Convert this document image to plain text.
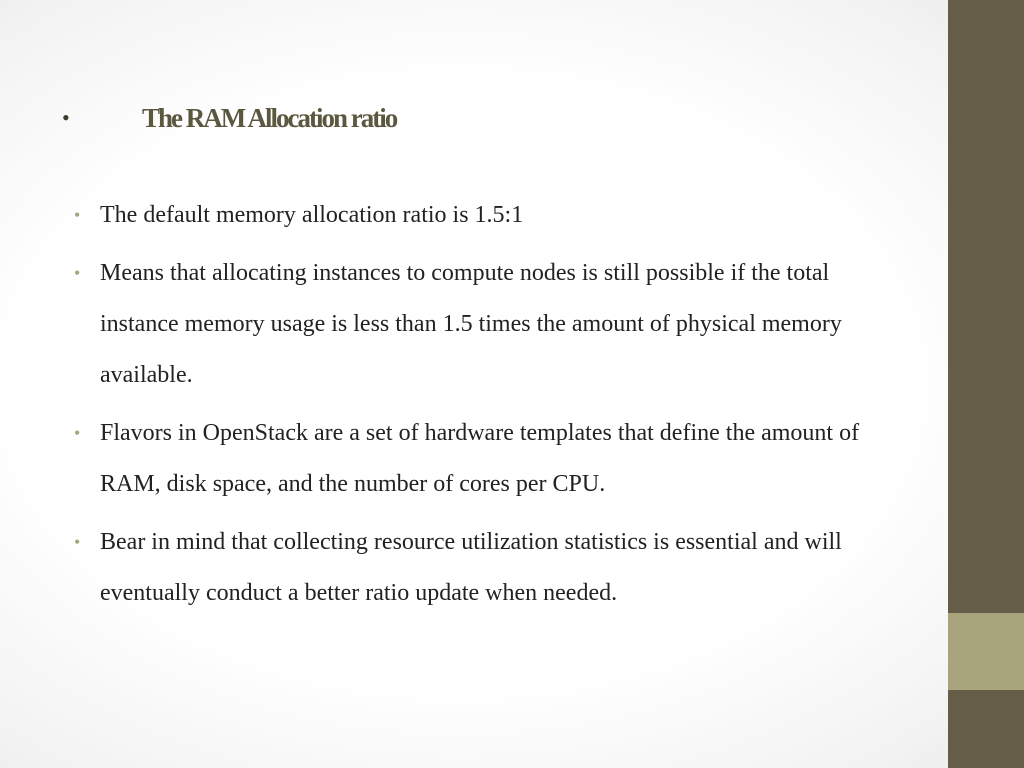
•	The RAM Allocation ratio
• The default memory allocation ratio is 1.5:1
• Means that allocating instances to compute nodes is still possible if the total instance memory usage is less than 1.5 times the amount of physical memory available.
• Flavors in OpenStack are a set of hardware templates that define the amount of RAM, disk space, and the number of cores per CPU.
• Bear in mind that collecting resource utilization statistics is essential and will eventually conduct a better ratio update when needed.
